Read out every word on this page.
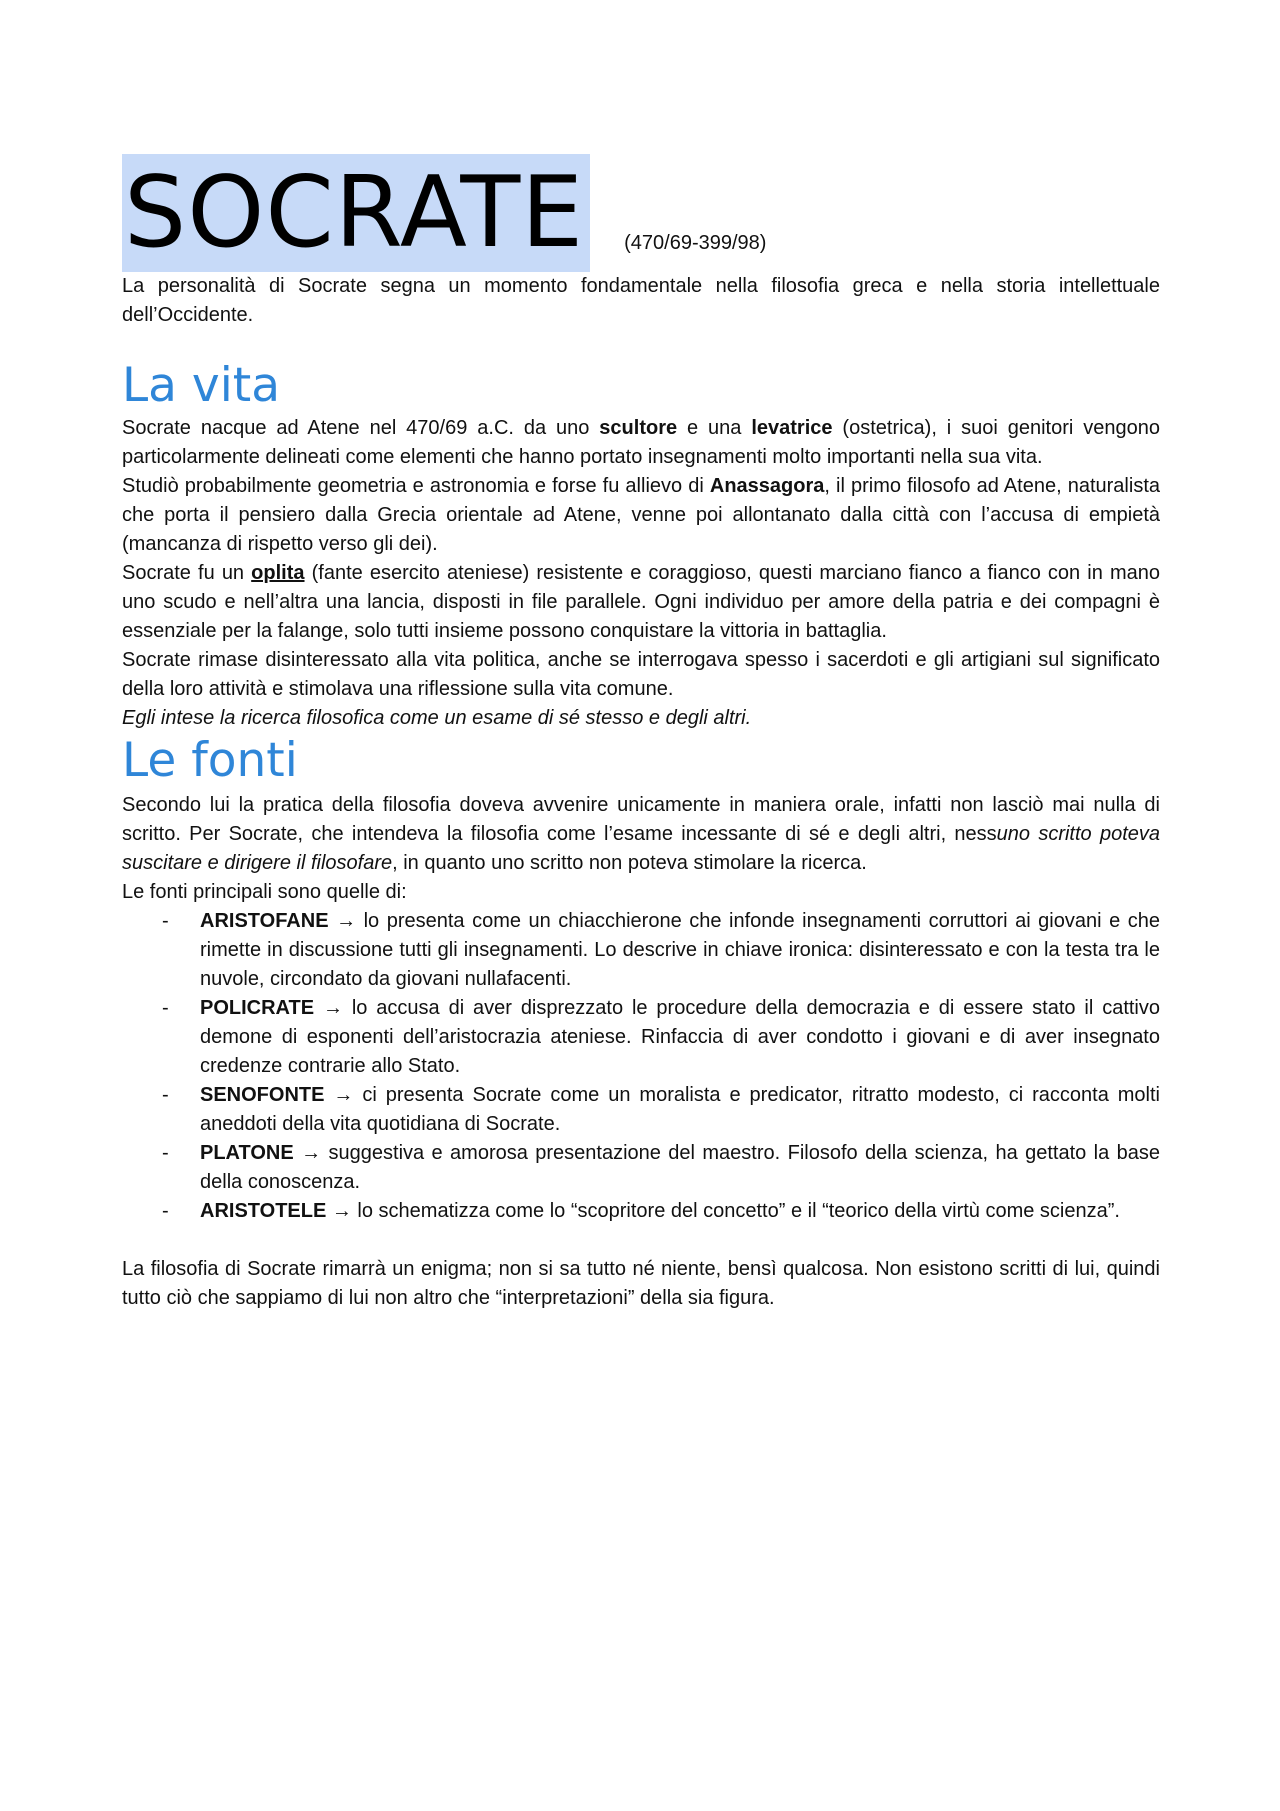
SOCRATE	(470/69-399/98)

La personalità di Socrate segna un momento fondamentale nella filosofia greca e nella storia intellettuale dell’Occidente.

La vita

Socrate nacque ad Atene nel 470/69 a.C. da uno scultore e una levatrice (ostetrica), i suoi genitori vengono particolarmente delineati come elementi che hanno portato insegnamenti molto importanti nella sua vita.

Studiò probabilmente geometria e astronomia e forse fu allievo di Anassagora, il primo filosofo ad Atene, naturalista che porta il pensiero dalla Grecia orientale ad Atene, venne poi allontanato dalla città con l’accusa di empietà (mancanza di rispetto verso gli dei).

Socrate fu un oplita (fante esercito ateniese) resistente e coraggioso, questi marciano fianco a fianco con in mano uno scudo e nell’altra una lancia, disposti in file parallele. Ogni individuo per amore della patria e dei compagni è essenziale per la falange, solo tutti insieme possono conquistare la vittoria in battaglia.

Socrate rimase disinteressato alla vita politica, anche se interrogava spesso i sacerdoti e gli artigiani sul significato della loro attività e stimolava una riflessione sulla vita comune.

Egli intese la ricerca filosofica come un esame di sé stesso e degli altri.

Le fonti

Secondo lui la pratica della filosofia doveva avvenire unicamente in maniera orale, infatti non lasciò mai nulla di scritto. Per Socrate, che intendeva la filosofia come l’esame incessante di sé e degli altri, nessuno scritto poteva suscitare e dirigere il filosofare, in quanto uno scritto non poteva stimolare la ricerca.

Le fonti principali sono quelle di:

- ARISTOFANE → lo presenta come un chiacchierone che infonde insegnamenti corruttori ai giovani e che rimette in discussione tutti gli insegnamenti. Lo descrive in chiave ironica: disinteressato e con la testa tra le nuvole, circondato da giovani nullafacenti.
- POLICRATE → lo accusa di aver disprezzato le procedure della democrazia e di essere stato il cattivo demone di esponenti dell’aristocrazia ateniese. Rinfaccia di aver condotto i giovani e di aver insegnato credenze contrarie allo Stato.
- SENOFONTE → ci presenta Socrate come un moralista e predicator, ritratto modesto, ci racconta molti aneddoti della vita quotidiana di Socrate.
- PLATONE → suggestiva e amorosa presentazione del maestro. Filosofo della scienza, ha gettato la base della conoscenza.
- ARISTOTELE → lo schematizza come lo “scopritore del concetto” e il “teorico della virtù come scienza”.

La filosofia di Socrate rimarrà un enigma; non si sa tutto né niente, bensì qualcosa. Non esistono scritti di lui, quindi tutto ciò che sappiamo di lui non altro che “interpretazioni” della sia figura.
